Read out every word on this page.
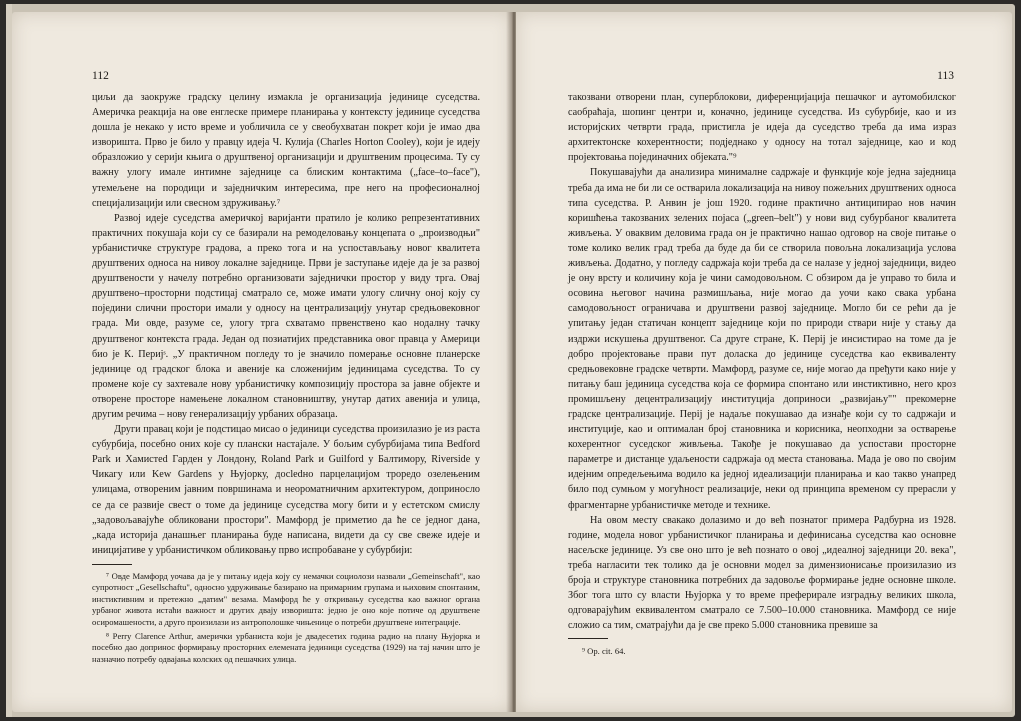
112

циљи да заокружe градску целину измакла је организација јединице суседства. Америчка реакција на ове енглеске примере планирања у контексту јединице суседства дошла је некако у исто време и уобличила се у свеобухватан покрет који је имао два извoришта. Прво је било у правцу идеја Ч. Кулија (Charles Horton Cooley), који је идеју образложио у серији књига о друштвеној организацији и друштвеним процесима. Ту су важну улогу имале интимне заједнице са блиским контактима („face–to–face"), утемељене на породици и заједничким интересима, пре него на професионалној специјализацији или свесном здруживању.⁷

Развој идеје суседства америчкој варијанти пратило је колико репрезентативних практичних покушаја који су се базирали на ремоделовању концепата о „производњи" урбанистичке структуре градова, а преко тога и на успостављању новог квалитета друштвених односа на нивоу локалне заједнице. Први је заступање идеје да је за развој друштвености у начелу потребно организовати заједнички простор у виду трга. Овај друштвено–просторни подстицај сматрало се, може имати улогу сличну оној коју су поједини слични простори имали у односу на централизацију унутар средњовековног града. Ми овде, разуме се, улогу трга схватамо првенствено као нодалну тачку друштвеног контекста града. Један од позиатијих представника овог правца у Америци био је К. Перијˢ. „У практичном погледу то је значило померање основне планерске јединице од градског блока и авеније ка сложенијим јединицама суседства. То су промене које су захтевале нову урбанистичку композицију простора за јавне објекте и отворене просторе намењене локалном становништву, унутар датих авенија и улица, другим речима – нову генерализацију урбаних образаца.

Други правац који је подстицао мисао о јединици суседства произилазио је из раста субурбија, посебно оних које су плански настајале. У бољим субурбијама типа Bedford Park и Хамиcтеd Гарден у Лондону, Roland Park и Guilford у Балтимору, Riverside у Чикагу или Kew Gardens у Њујорку, досledно парцелацијом троредо озелењеним улицама, отвореним јавним површинама и неороматничним архитектуром, доприносло се да се развије свест о томе да јединице суседства могу бити и у естетском смислу „задовољавајуће обликовани простори". Мамфорд је приметио да ће се једног дана, „када историја данашњег планирања буде написана, видети да су све свеже идеје и иницијативе у урбанистичком обликовању прво испробаване у субурбији:

⁷ Овде Мамфорд уочава да је у питању идеја коју су немачки социолози назвали „Gemeinschaft", као супротност „Gesellschaftu", односно удруживање базирано на примарним групама и њиховим спонтаним, инстиктивним и претежно „датим" везама. Мамфорд ће у откривању суседства као важног органа урбаног живота истаћи важност и других двају извoришта: једно је оно које потиче од друштвене осиромашености, а друго произилази из антрополошке чињенице о потреби друштвене интеграције.

⁸ Perry Clarence Arthur, амерички урбаниста који је двадесетих година радио на плану Њујорка и посебно дао допринос формирању просторних елемената јединици суседства (1929) на тај начин што је назначио потребу одвајања колских од пешачких улица.

113

такозвани отворени план, суперблокови, диференцијација пешачког и аутомобилског саобраћаја, шопинг центри и, коначно, јединице суседства. Из субурбије, као и из историјских четврти града, пристигла је идеја да суседство треба да има израз архитектонске кохерентности; подједнако у односу на тотал заједнице, као и код пројектовања појединачних објеката."⁹

Покушавајући да анализира минималне садржаје и функције које једна заједница треба да има не би ли се остварила локализација на нивоу пожељних друштвених односа типа суседства. Р. Анвин је још 1920. године практично антиципирао нов начин коришћења такозваних зелених појаса („green–belt") у нови вид субурбаног квалитета живљења. У оваквим деловима града он је практично нашао одговор на своје питање о томе колико велик град треба да буде да би се створила повољна локализација услова живљења. Додатно, у погледу садржаја који треба да се налазе у једној заједници, видео је ону врсту и количину која је чини самодовољном. С обзиром да је управо то била и осовина његовог начина размишљања, није могао да уочи како свака урбана самодовољност ограничава и друштвени развој заједнице. Могло би се рећи да је упитању један статичан концепт заједнице који по природи ствари није у стању да издржи искушења друштвеног. Са друге стране, К. Перij је инсистирао на томе да је добро пројектовање прави пут доласка до јединице суседства као еквиваленту средњовековне градске четврти. Мамфорд, разуме се, није могао да пређути како није у питању баш јединица суседства која се формира спонтано или инстиктивно, него кроз промишљену децентрализацију институција доприноси „развијању"" прекомерне градске централизације. Перij је надаље покушавао да изнађе који су то садржаји и институције, као и оптималан број становника и корисника, неопходни за остварење кохерентног суседског живљења. Такође је покушавао да успостави просторне параметре и дистанце удаљености садржаја од места становања. Мада је ово по својим идејним опредељењима водило ка једној идеализацији планирања и као такво унапред било под сумњом у могућност реализације, неки од принципа временом су прерасли у фрагментарне урбанистичке методе и технике.

На овом месту свакако долазимо и до већ познатог примера Радбурна из 1928. године, модела новог урбанистичког планирања и дефинисања суседства као основне насељске јединице. Уз све оно што је већ познато о овој „идеалној заједници 20. века", треба нагласити тек толико да је основни модел за димензионисање произилазио из броја и структуре становника потребних да задовоље формирање једне основне школе. Због тога што су власти Њујорка у то време преферирале изградњу великих школа, одговарајућим еквивалентом сматрало се 7.500–10.000 становника. Мамфорд се није сложио са тим, сматрајући да је све преко 5.000 становника превише за

⁹ Op. cit. 64.
